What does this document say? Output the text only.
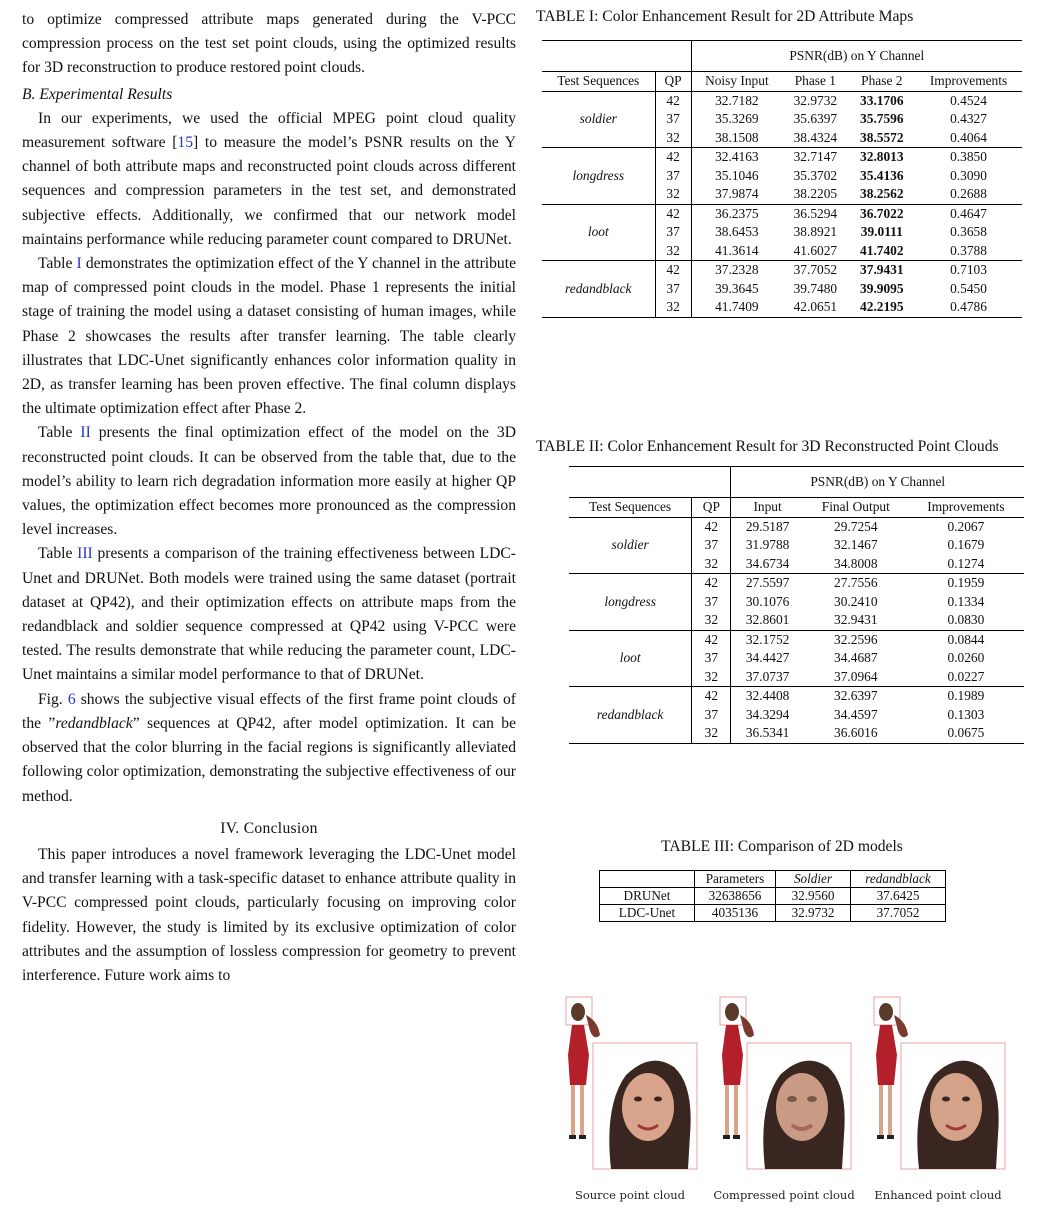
to optimize compressed attribute maps generated during the V-PCC compression process on the test set point clouds, using the optimized results for 3D reconstruction to produce restored point clouds.

B. Experimental Results

In our experiments, we used the official MPEG point cloud quality measurement software [15] to measure the model’s PSNR results on the Y channel of both attribute maps and reconstructed point clouds across different sequences and compression parameters in the test set, and demonstrated subjective effects. Additionally, we confirmed that our network model maintains performance while reducing parameter count compared to DRUNet.

Table I demonstrates the optimization effect of the Y channel in the attribute map of compressed point clouds in the model. Phase 1 represents the initial stage of training the model using a dataset consisting of human images, while Phase 2 showcases the results after transfer learning. The table clearly illustrates that LDC-Unet significantly enhances color information quality in 2D, as transfer learning has been proven effective. The final column displays the ultimate optimization effect after Phase 2.

Table II presents the final optimization effect of the model on the 3D reconstructed point clouds. It can be observed from the table that, due to the model’s ability to learn rich degradation information more easily at higher QP values, the optimization effect becomes more pronounced as the compression level increases.

Table III presents a comparison of the training effectiveness between LDC-Unet and DRUNet. Both models were trained using the same dataset (portrait dataset at QP42), and their optimization effects on attribute maps from the redandblack and soldier sequence compressed at QP42 using V-PCC were tested. The results demonstrate that while reducing the parameter count, LDC-Unet maintains a similar model performance to that of DRUNet.

Fig. 6 shows the subjective visual effects of the first frame point clouds of the ”redandblack” sequences at QP42, after model optimization. It can be observed that the color blurring in the facial regions is significantly alleviated following color optimization, demonstrating the subjective effectiveness of our method.

IV. Conclusion

This paper introduces a novel framework leveraging the LDC-Unet model and transfer learning with a task-specific dataset to enhance attribute quality in V-PCC compressed point clouds, particularly focusing on improving color fidelity. However, the study is limited by its exclusive optimization of color attributes and the assumption of lossless compression for geometry to prevent interference. Future work aims to

TABLE I: Color Enhancement Result for 2D Attribute Maps
		PSNR(dB) on Y Channel			
Test Sequences	QP	Noisy Input	Phase 1	Phase 2	Improvements
soldier	42	32.7182	32.9732	33.1706	0.4524
	37	35.3269	35.6397	35.7596	0.4327
	32	38.1508	38.4324	38.5572	0.4064
longdress	42	32.4163	32.7147	32.8013	0.3850
	37	35.1046	35.3702	35.4136	0.3090
	32	37.9874	38.2205	38.2562	0.2688
loot	42	36.2375	36.5294	36.7022	0.4647
	37	38.6453	38.8921	39.0111	0.3658
	32	41.3614	41.6027	41.7402	0.3788
redandblack	42	37.2328	37.7052	37.9431	0.7103
	37	39.3645	39.7480	39.9095	0.5450
	32	41.7409	42.0651	42.2195	0.4786
TABLE II: Color Enhancement Result for 3D Reconstructed Point Clouds
		PSNR(dB) on Y Channel		
Test Sequences	QP	Input	Final Output	Improvements
soldier	42	29.5187	29.7254	0.2067
	37	31.9788	32.1467	0.1679
	32	34.6734	34.8008	0.1274
longdress	42	27.5597	27.7556	0.1959
	37	30.1076	30.2410	0.1334
	32	32.8601	32.9431	0.0830
loot	42	32.1752	32.2596	0.0844
	37	34.4427	34.4687	0.0260
	32	37.0737	37.0964	0.0227
redandblack	42	32.4408	32.6397	0.1989
	37	34.3294	34.4597	0.1303
	32	36.5341	36.6016	0.0675
TABLE III: Comparison of 2D models
	Parameters	Soldier	redandblack
DRUNet	32638656	32.9560	37.6425
LDC-Unet	4035136	32.9732	37.7052
Source point cloud	Compressed point cloud	Enhanced point cloud
